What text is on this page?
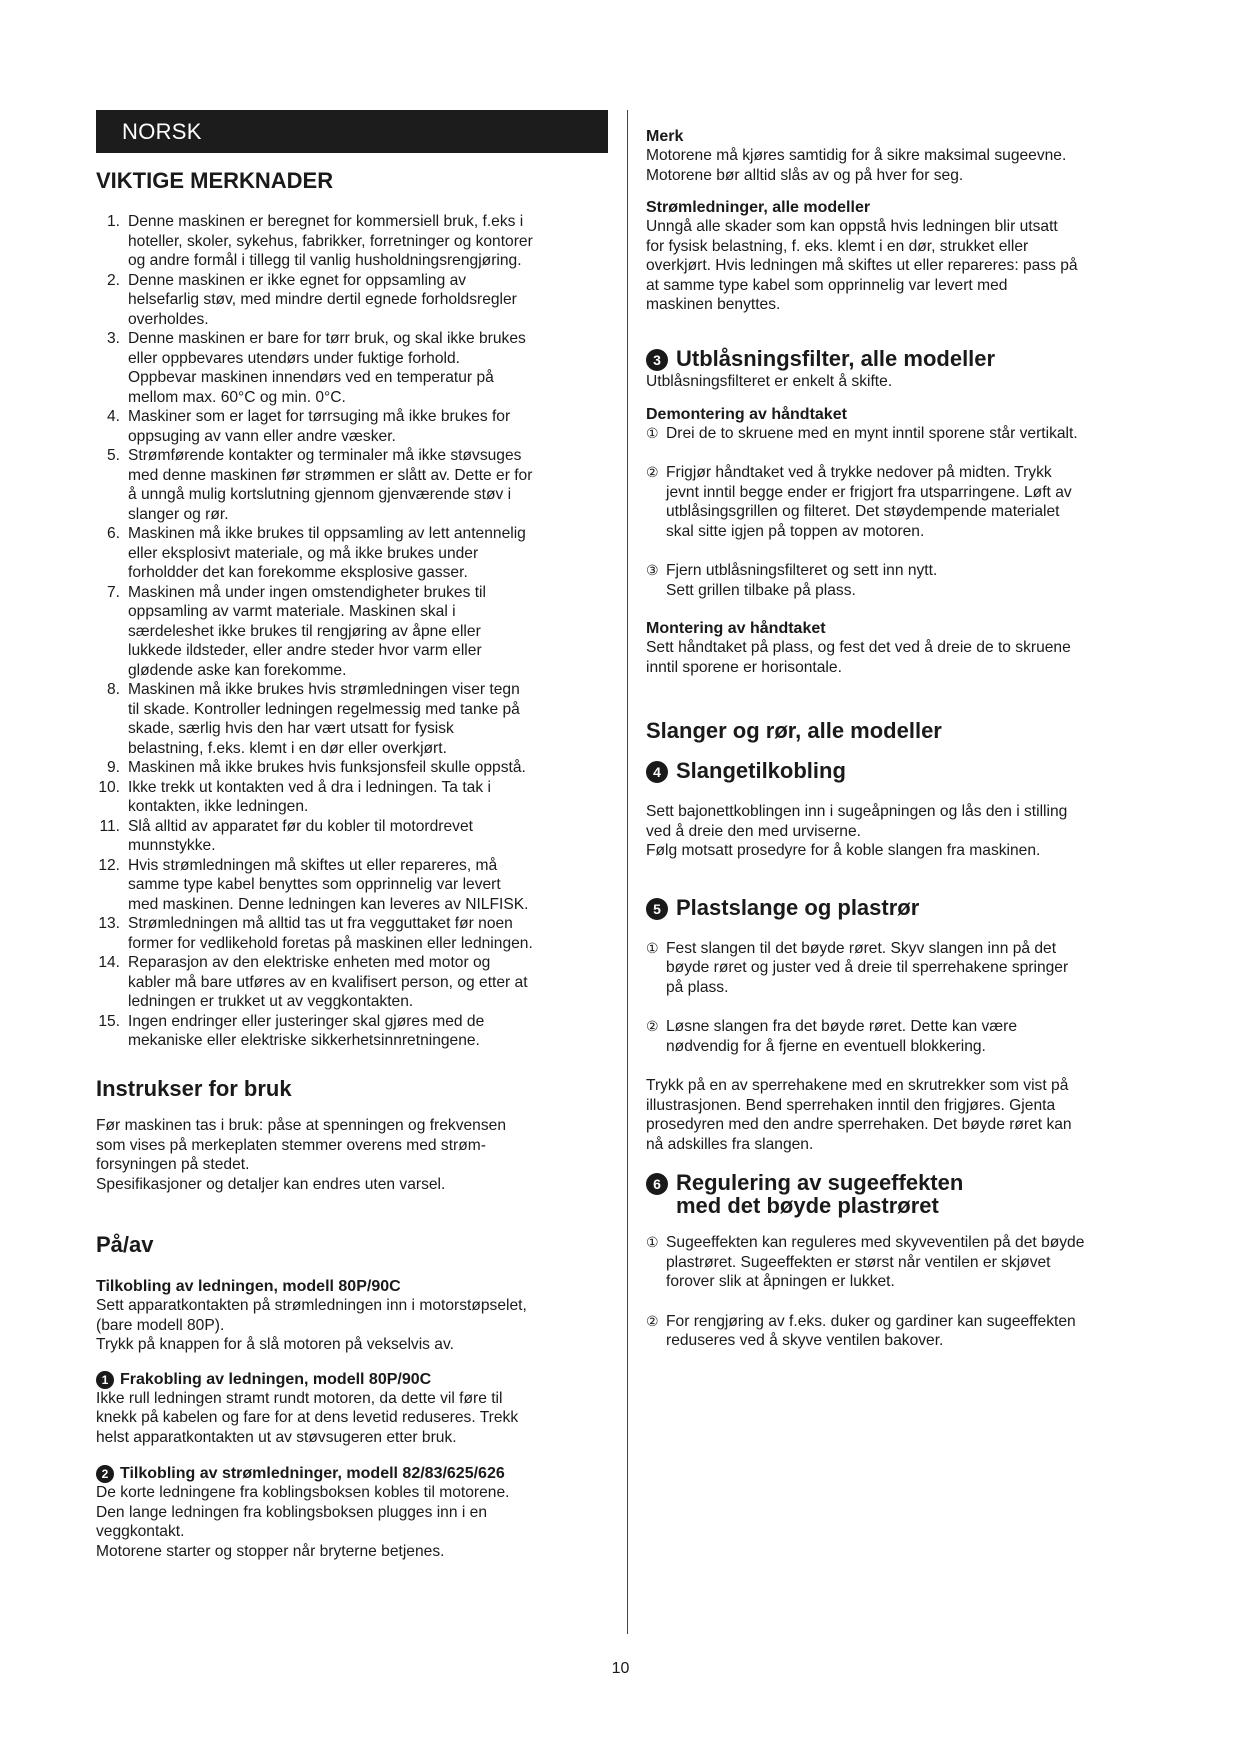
NORSK
VIKTIGE MERKNADER
1. Denne maskinen er beregnet for kommersiell bruk, f.eks i
hoteller, skoler, sykehus, fabrikker, forretninger og kontorer
og andre formål i tillegg til vanlig husholdningsrengjøring.
2. Denne maskinen er ikke egnet for oppsamling av
helsefarlig støv, med mindre dertil egnede forholdsregler
overholdes.
3. Denne maskinen er bare for tørr bruk, og skal ikke brukes
eller oppbevares utendørs under fuktige forhold.
Oppbevar maskinen innendørs ved en temperatur på
mellom max. 60°C og min. 0°C.
4. Maskiner som er laget for tørrsuging må ikke brukes for
oppsuging av vann eller andre væsker.
5. Strømførende kontakter og terminaler må ikke støvsuges
med denne maskinen før strømmen er slått av. Dette er for
å unngå mulig kortslutning gjennom gjenværende støv i
slanger og rør.
6. Maskinen må ikke brukes til oppsamling av lett antennelig
eller eksplosivt materiale, og må ikke brukes under
forholdder det kan forekomme eksplosive gasser.
7. Maskinen må under ingen omstendigheter brukes til
oppsamling av varmt materiale. Maskinen skal i
særdeleshet ikke brukes til rengjøring av åpne eller
lukkede ildsteder, eller andre steder hvor varm eller
glødende aske kan forekomme.
8. Maskinen må ikke brukes hvis strømledningen viser tegn
til skade. Kontroller ledningen regelmessig med tanke på
skade, særlig hvis den har vært utsatt for fysisk
belastning, f.eks. klemt i en dør eller overkjørt.
9. Maskinen må ikke brukes hvis funksjonsfeil skulle oppstå.
10. Ikke trekk ut kontakten ved å dra i ledningen. Ta tak i
kontakten, ikke ledningen.
11. Slå alltid av apparatet før du kobler til motordrevet
munnstykke.
12. Hvis strømledningen må skiftes ut eller repareres, må
samme type kabel benyttes som opprinnelig var levert
med maskinen. Denne ledningen kan leveres av NILFISK.
13. Strømledningen må alltid tas ut fra vegguttaket før noen
former for vedlikehold foretas på maskinen eller ledningen.
14. Reparasjon av den elektriske enheten med motor og
kabler må bare utføres av en kvalifisert person, og etter at
ledningen er trukket ut av veggkontakten.
15. Ingen endringer eller justeringer skal gjøres med de
mekaniske eller elektriske sikkerhetsinnretningene.
Instrukser for bruk

Før maskinen tas i bruk: påse at spenningen og frekvensen
som vises på merkeplaten stemmer overens med strøm-
forsyningen på stedet.
Spesifikasjoner og detaljer kan endres uten varsel.

På/av
Tilkobling av ledningen, modell 80P/90C

Sett apparatkontakten på strømledningen inn i motorstøpselet,
(bare modell 80P).
Trykk på knappen for å slå motoren på vekselvis av.

1 Frakobling av ledningen, modell 80P/90C

Ikke rull ledningen stramt rundt motoren, da dette vil føre til
knekk på kabelen og fare for at dens levetid reduseres. Trekk
helst apparatkontakten ut av støvsugeren etter bruk.

2 Tilkobling av strømledninger, modell 82/83/625/626

De korte ledningene fra koblingsboksen kobles til motorene.
Den lange ledningen fra koblingsboksen plugges inn i en
veggkontakt.
Motorene starter og stopper når bryterne betjenes.

Merk

Motorene må kjøres samtidig for å sikre maksimal sugeevne.
Motorene bør alltid slås av og på hver for seg.

Strømledninger, alle modeller

Unngå alle skader som kan oppstå hvis ledningen blir utsatt
for fysisk belastning, f. eks. klemt i en dør, strukket eller
overkjørt. Hvis ledningen må skiftes ut eller repareres: pass på
at samme type kabel som opprinnelig var levert med
maskinen benyttes.

3 Utblåsningsfilter, alle modeller

Utblåsningsfilteret er enkelt å skifte.

Demontering av håndtaket
① Drei de to skruene med en mynt inntil sporene står vertikalt.

② Frigjør håndtaket ved å trykke nedover på midten. Trykk
jevnt inntil begge ender er frigjort fra utsparringene. Løft av
utblåsingsgrillen og filteret. Det støydempende materialet
skal sitte igjen på toppen av motoren.

③ Fjern utblåsningsfilteret og sett inn nytt.
Sett grillen tilbake på plass.

Montering av håndtaket

Sett håndtaket på plass, og fest det ved å dreie de to skruene
inntil sporene er horisontale.

Slanger og rør, alle modeller
4 Slangetilkobling

Sett bajonettkoblingen inn i sugeåpningen og lås den i stilling
ved å dreie den med urviserne.
Følg motsatt prosedyre for å koble slangen fra maskinen.

5 Plastslange og plastrør
① Fest slangen til det bøyde røret. Skyv slangen inn på det
bøyde røret og juster ved å dreie til sperrehakene springer
på plass.

② Løsne slangen fra det bøyde røret. Dette kan være
nødvendig for å fjerne en eventuell blokkering.

Trykk på en av sperrehakene med en skrutrekker som vist på
illustrasjonen. Bend sperrehaken inntil den frigjøres. Gjenta
prosedyren med den andre sperrehaken. Det bøyde røret kan
nå adskilles fra slangen.

6 Regulering av sugeeffekten
med det bøyde plastrøret
① Sugeeffekten kan reguleres med skyveventilen på det bøyde
plastrøret. Sugeeffekten er størst når ventilen er skjøvet
forover slik at åpningen er lukket.

② For rengjøring av f.eks. duker og gardiner kan sugeeffekten
reduseres ved å skyve ventilen bakover.

10
